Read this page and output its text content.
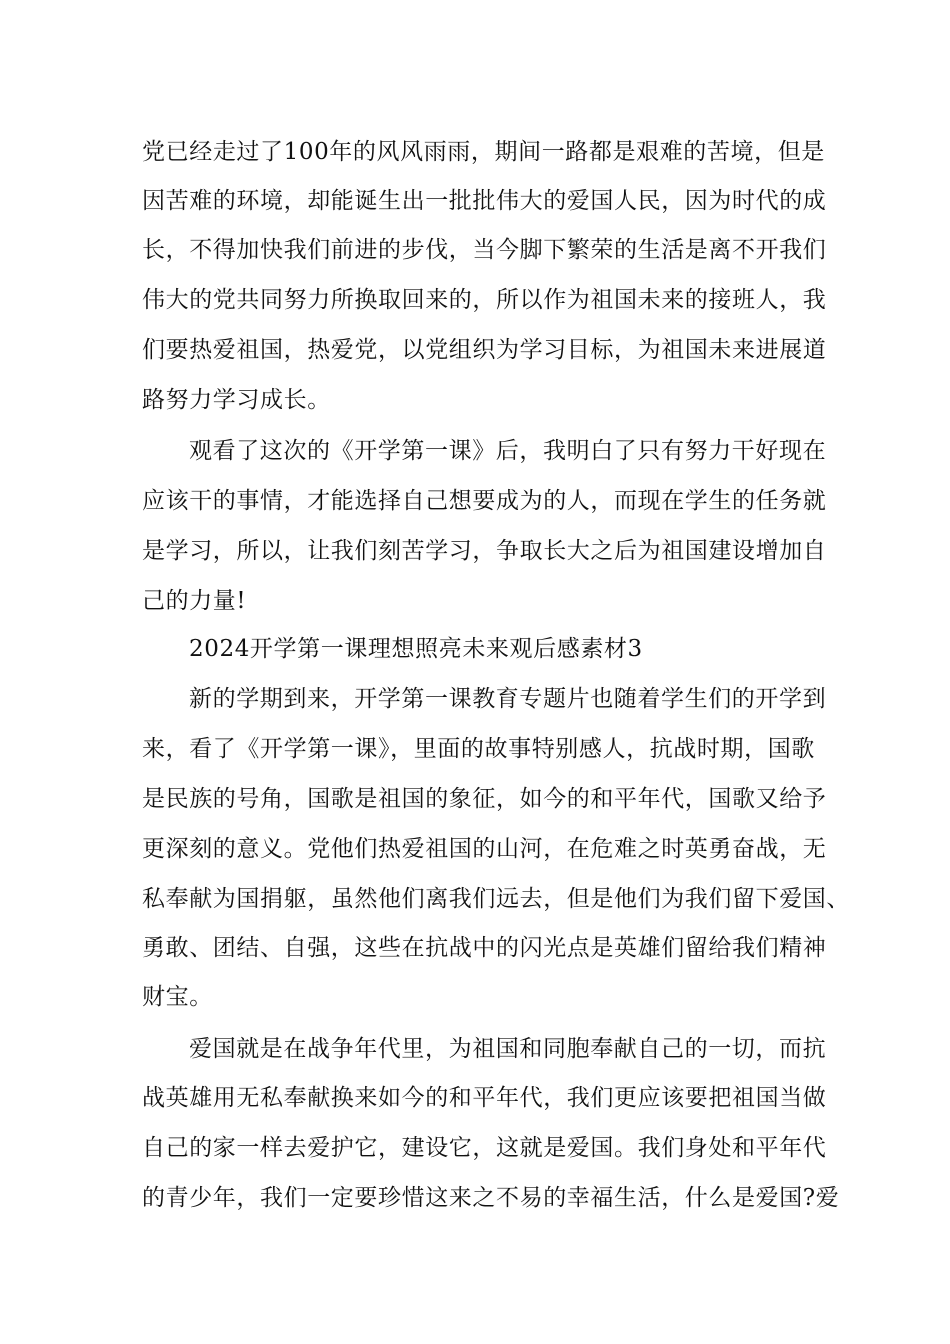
党已经走过了100年的风风雨雨，期间一路都是艰难的苦境，但是
因苦难的环境，却能诞生出一批批伟大的爱国人民，因为时代的成
长，不得加快我们前进的步伐，当今脚下繁荣的生活是离不开我们
伟大的党共同努力所换取回来的，所以作为祖国未来的接班人，我
们要热爱祖国，热爱党，以党组织为学习目标，为祖国未来进展道
路努力学习成长。
观看了这次的《开学第一课》后，我明白了只有努力干好现在
应该干的事情，才能选择自己想要成为的人，而现在学生的任务就
是学习，所以，让我们刻苦学习，争取长大之后为祖国建设增加自
己的力量!
2024开学第一课理想照亮未来观后感素材3
新的学期到来，开学第一课教育专题片也随着学生们的开学到
来，看了《开学第一课》，里面的故事特别感人，抗战时期，国歌
是民族的号角，国歌是祖国的象征，如今的和平年代，国歌又给予
更深刻的意义。党他们热爱祖国的山河，在危难之时英勇奋战，无
私奉献为国捐躯，虽然他们离我们远去，但是他们为我们留下爱国、
勇敢、团结、自强，这些在抗战中的闪光点是英雄们留给我们精神
财宝。
爱国就是在战争年代里，为祖国和同胞奉献自己的一切，而抗
战英雄用无私奉献换来如今的和平年代，我们更应该要把祖国当做
自己的家一样去爱护它，建设它，这就是爱国。我们身处和平年代
的青少年，我们一定要珍惜这来之不易的幸福生活，什么是爱国?爱
